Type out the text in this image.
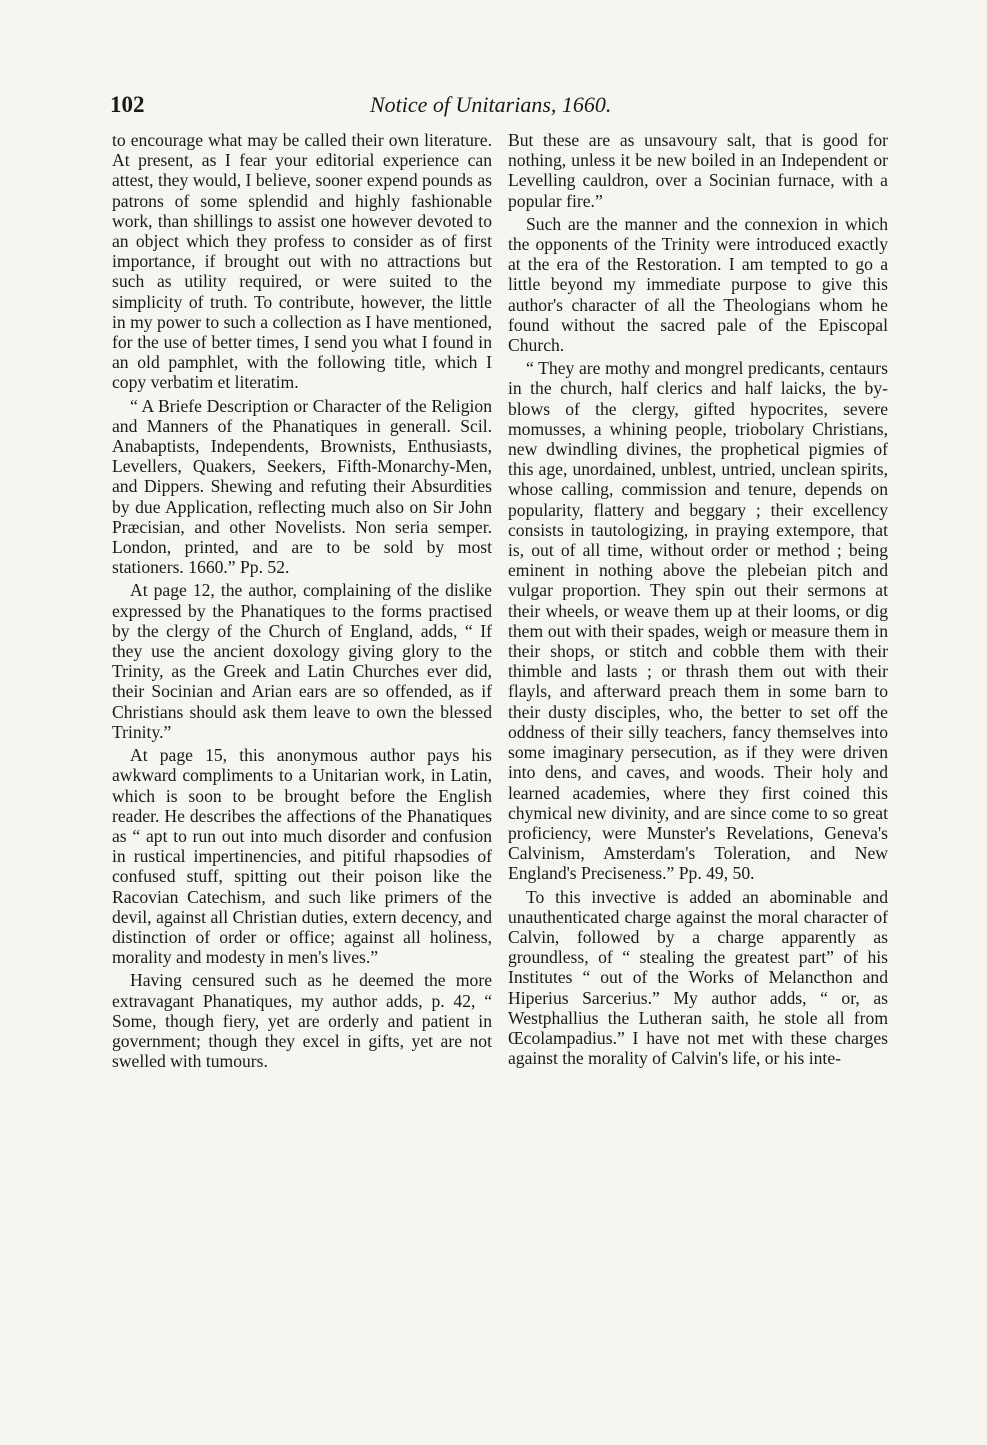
102	Notice of Unitarians, 1660.

to encourage what may be called their own literature. At present, as I fear your editorial experience can attest, they would, I believe, sooner expend pounds as patrons of some splendid and highly fashionable work, than shillings to assist one however devoted to an object which they profess to consider as of first importance, if brought out with no attractions but such as utility required, or were suited to the simplicity of truth. To contribute, however, the little in my power to such a collection as I have mentioned, for the use of better times, I send you what I found in an old pamphlet, with the following title, which I copy verbatim et literatim.

“ A Briefe Description or Character of the Religion and Manners of the Phanatiques in generall. Scil. Anabaptists, Independents, Brownists, Enthusiasts, Levellers, Quakers, Seekers, Fifth-Monarchy-Men, and Dippers. Shewing and refuting their Absurdities by due Application, reflecting much also on Sir John Præcisian, and other Novelists. Non seria semper. London, printed, and are to be sold by most stationers. 1660.” Pp. 52.

At page 12, the author, complaining of the dislike expressed by the Phanatiques to the forms practised by the clergy of the Church of England, adds, “ If they use the ancient doxology giving glory to the Trinity, as the Greek and Latin Churches ever did, their Socinian and Arian ears are so offended, as if Christians should ask them leave to own the blessed Trinity.”

At page 15, this anonymous author pays his awkward compliments to a Unitarian work, in Latin, which is soon to be brought before the English reader. He describes the affections of the Phanatiques as “ apt to run out into much disorder and confusion in rustical impertinencies, and pitiful rhapsodies of confused stuff, spitting out their poison like the Racovian Catechism, and such like primers of the devil, against all Christian duties, extern decency, and distinction of order or office; against all holiness, morality and modesty in men's lives.”

Having censured such as he deemed the more extravagant Phanatiques, my author adds, p. 42, “ Some, though fiery, yet are orderly and patient in government; though they excel in gifts, yet are not swelled with tumours.

But these are as unsavoury salt, that is good for nothing, unless it be new boiled in an Independent or Levelling cauldron, over a Socinian furnace, with a popular fire.”

Such are the manner and the connexion in which the opponents of the Trinity were introduced exactly at the era of the Restoration. I am tempted to go a little beyond my immediate purpose to give this author's character of all the Theologians whom he found without the sacred pale of the Episcopal Church.

“ They are mothy and mongrel predicants, centaurs in the church, half clerics and half laicks, the by-blows of the clergy, gifted hypocrites, severe momusses, a whining people, triobolary Christians, new dwindling divines, the prophetical pigmies of this age, unordained, unblest, untried, unclean spirits, whose calling, commission and tenure, depends on popularity, flattery and beggary ; their excellency consists in tautologizing, in praying extempore, that is, out of all time, without order or method ; being eminent in nothing above the plebeian pitch and vulgar proportion. They spin out their sermons at their wheels, or weave them up at their looms, or dig them out with their spades, weigh or measure them in their shops, or stitch and cobble them with their thimble and lasts ; or thrash them out with their flayls, and afterward preach them in some barn to their dusty disciples, who, the better to set off the oddness of their silly teachers, fancy themselves into some imaginary persecution, as if they were driven into dens, and caves, and woods. Their holy and learned academies, where they first coined this chymical new divinity, and are since come to so great proficiency, were Munster's Revelations, Geneva's Calvinism, Amsterdam's Toleration, and New England's Preciseness.” Pp. 49, 50.

To this invective is added an abominable and unauthenticated charge against the moral character of Calvin, followed by a charge apparently as groundless, of “ stealing the greatest part” of his Institutes “ out of the Works of Melancthon and Hiperius Sarcerius.” My author adds, “ or, as Westphallius the Lutheran saith, he stole all from Œcolampadius.” I have not met with these charges against the morality of Calvin's life, or his inte-
